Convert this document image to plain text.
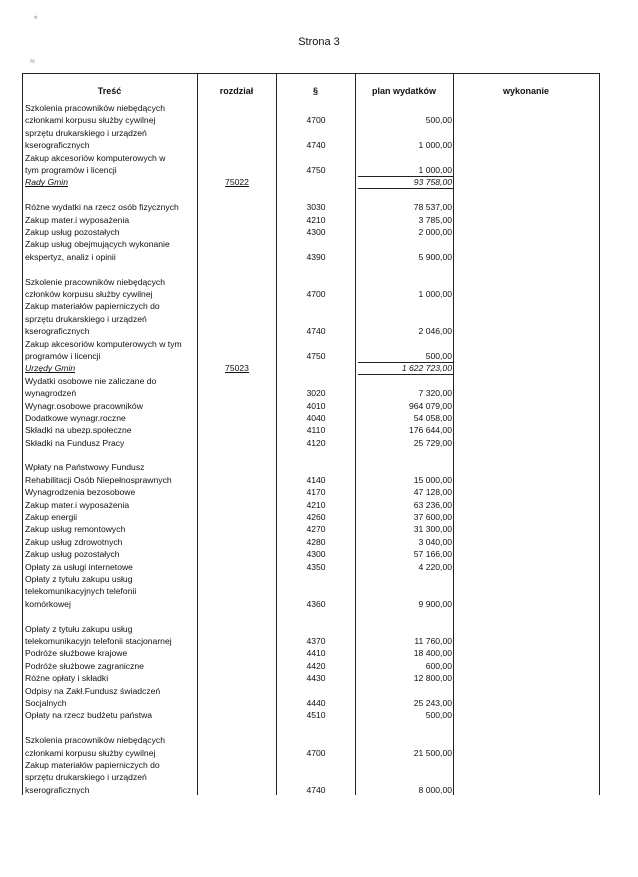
*
≈
Strona 3
Treść	rozdział	§	plan wydatków	wykonanie
Szkolenia pracowników niebędących
członkami korpusu służby cywilnej	4700	500,00
sprzętu drukarskiego i urządzeń
kserograficznych	4740	1 000,00
Zakup akcesoriów komputerowych w
tym programów i licencji	4750	1 000,00
Rady Gmin	75022	93 758,00
Różne wydatki na rzecz osób fizycznych	3030	78 537,00
Zakup mater.i wyposażenia	4210	3 785,00
Zakup usług pozostałych	4300	2 000,00
Zakup usług obejmujących wykonanie
ekspertyz, analiz i opinii	4390	5 900,00
Szkolenie pracowników niebędących
członków korpusu służby cywilnej	4700	1 000,00
Zakup materiałów papierniczych do
sprzętu drukarskiego i urządzeń
kserograficznych	4740	2 046,00
Zakup akcesoriów komputerowych w tym
programów i licencji	4750	500,00
Urzędy Gmin	75023	1 622 723,00
Wydatki osobowe nie zaliczane do
wynagrodzeń	3020	7 320,00
Wynagr.osobowe pracowników	4010	964 079,00
Dodatkowe wynagr.roczne	4040	54 058,00
Składki na ubezp.społeczne	4110	176 644,00
Składki na Fundusz Pracy	4120	25 729,00
Wpłaty na Państwowy Fundusz
Rehabilitacji Osób Niepełnosprawnych	4140	15 000,00
Wynagrodzenia bezosobowe	4170	47 128,00
Zakup mater.i wyposażenia	4210	63 236,00
Zakup energii	4260	37 600,00
Zakup usług remontowych	4270	31 300,00
Zakup usług zdrowotnych	4280	3 040,00
Zakup usług pozostałych	4300	57 166,00
Opłaty za usługi internetowe	4350	4 220,00
Opłaty z tytułu zakupu usług
telekomunikacyjnych telefonii
komórkowej	4360	9 900,00
Opłaty z tytułu zakupu usług
telekomunikacyjn telefonii stacjonarnej	4370	11 760,00
Podróże służbowe krajowe	4410	18 400,00
Podróże służbowe zagraniczne	4420	600,00
Różne opłaty i składki	4430	12 800,00
Odpisy na Zakł.Fundusz świadczeń
Socjalnych	4440	25 243,00
Opłaty na rzecz budżetu państwa	4510	500,00
Szkolenia pracowników niebędących
członkami korpusu służby cywilnej	4700	21 500,00
Zakup materiałów papierniczych do
sprzętu drukarskiego i urządzeń
kserograficznych	4740	8 000,00
